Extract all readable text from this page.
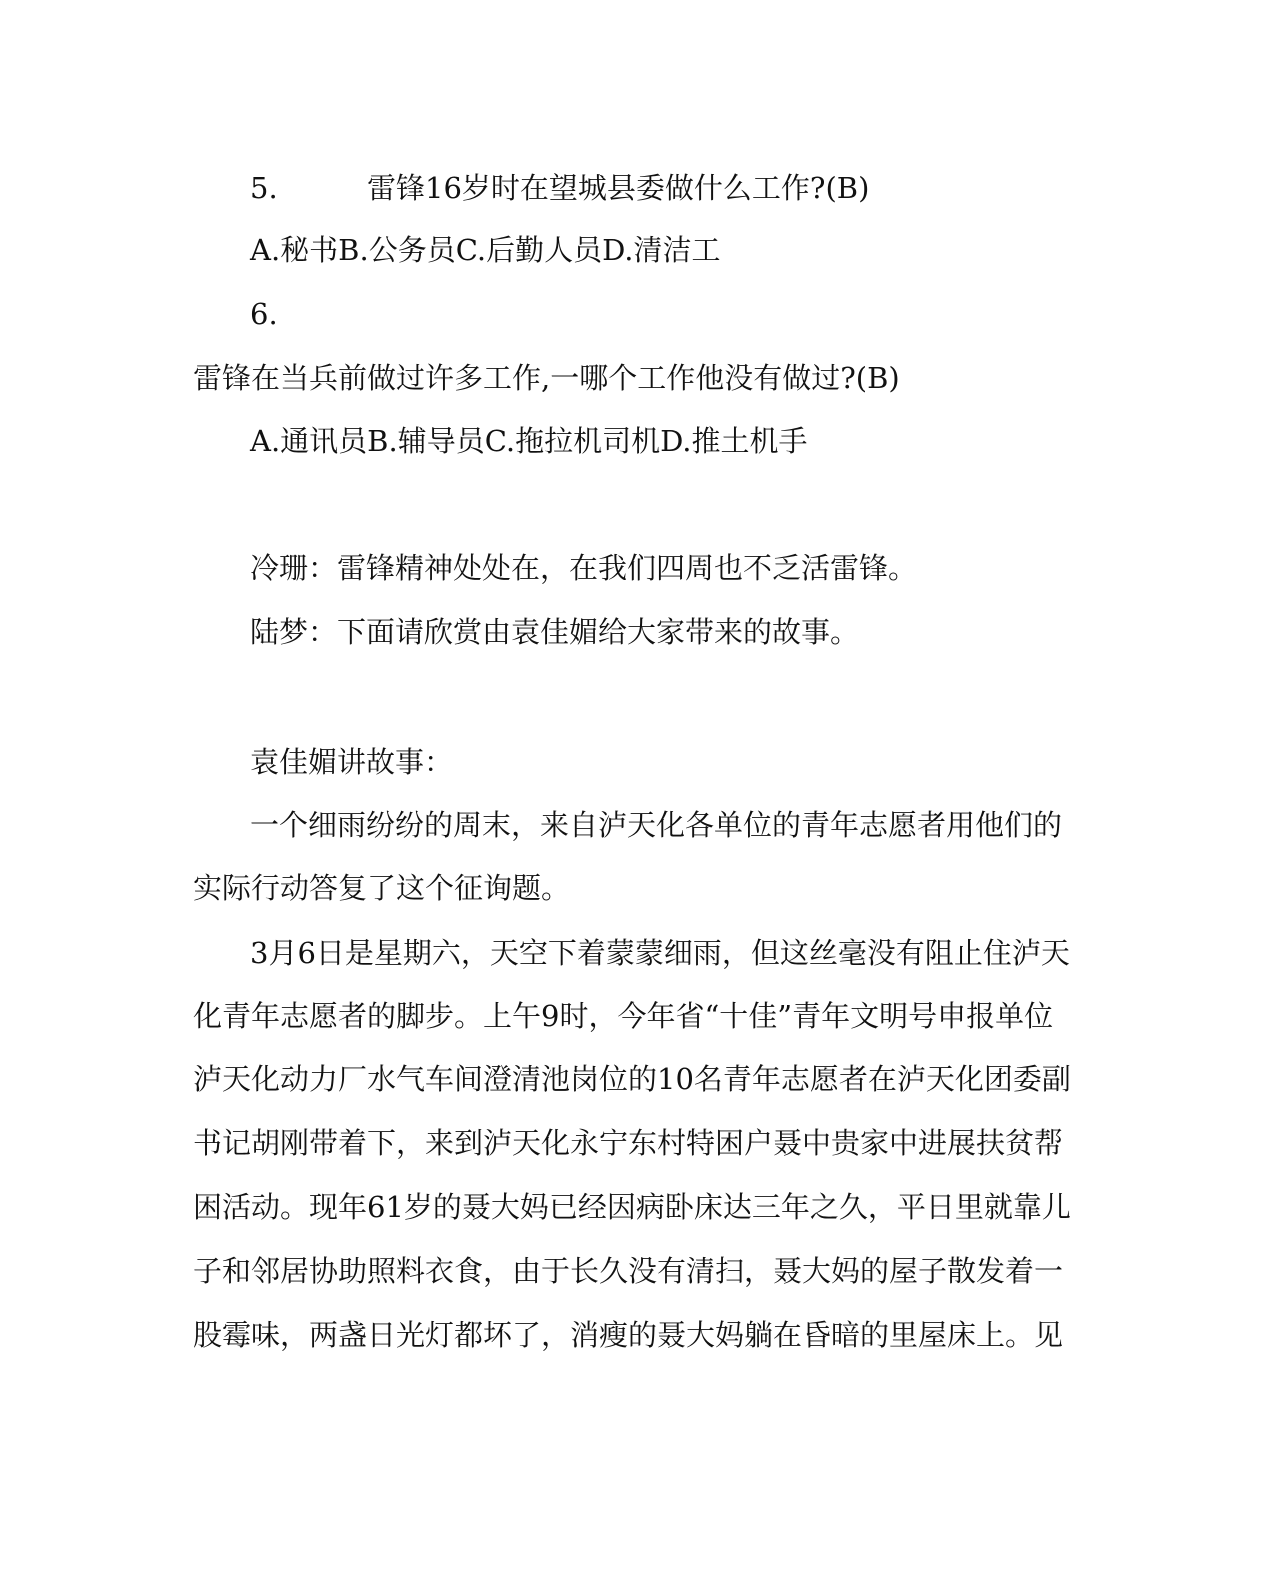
5.	雷锋16岁时在望城县委做什么工作?(B)
A.秘书B.公务员C.后勤人员D.清洁工
6.
雷锋在当兵前做过许多工作,一哪个工作他没有做过?(B)
A.通讯员B.辅导员C.拖拉机司机D.推土机手
冷珊：雷锋精神处处在，在我们四周也不乏活雷锋。
陆梦：下面请欣赏由袁佳媚给大家带来的故事。
袁佳媚讲故事：
一个细雨纷纷的周末，来自泸天化各单位的青年志愿者用他们的
实际行动答复了这个征询题。
3月6日是星期六，天空下着蒙蒙细雨，但这丝毫没有阻止住泸天
化青年志愿者的脚步。上午9时，今年省“十佳”青年文明号申报单位
泸天化动力厂水气车间澄清池岗位的10名青年志愿者在泸天化团委副
书记胡刚带着下，来到泸天化永宁东村特困户聂中贵家中进展扶贫帮
困活动。现年61岁的聂大妈已经因病卧床达三年之久，平日里就靠儿
子和邻居协助照料衣食，由于长久没有清扫，聂大妈的屋子散发着一
股霉味，两盏日光灯都坏了，消瘦的聂大妈躺在昏暗的里屋床上。见
